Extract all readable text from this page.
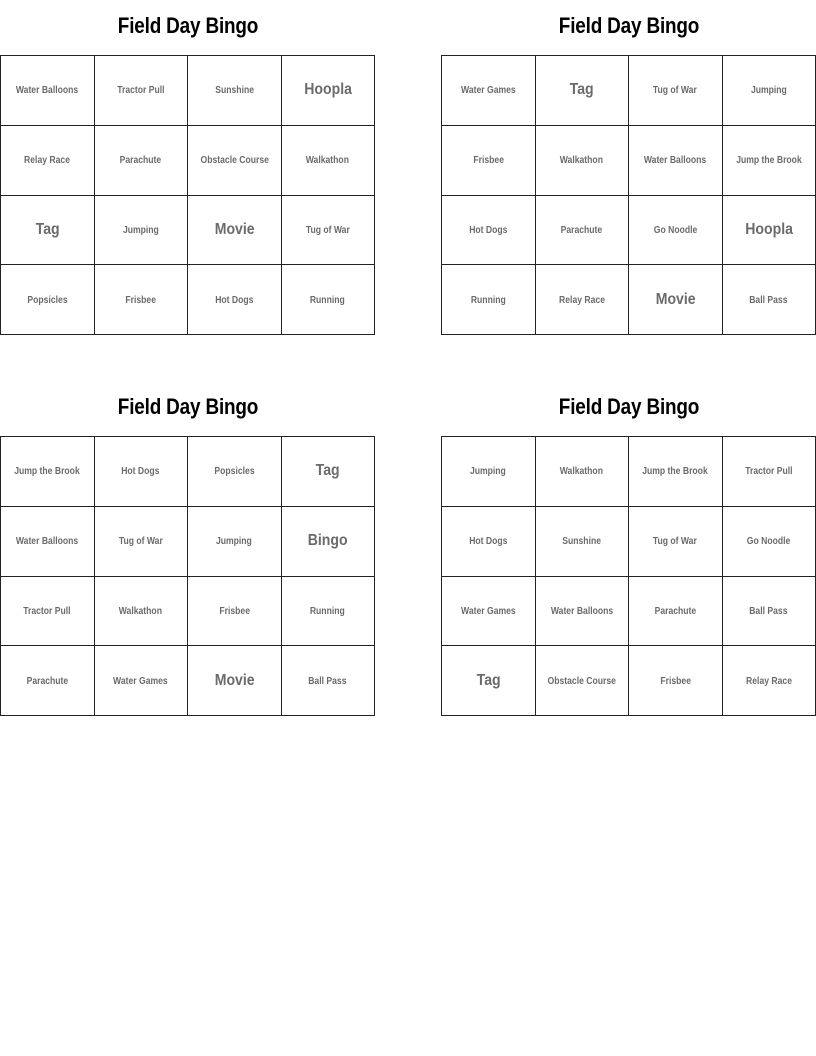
Field Day Bingo
Water Balloons	Tractor Pull	Sunshine	Hoopla
Relay Race	Parachute	Obstacle Course	Walkathon
Tag	Jumping	Movie	Tug of War
Popsicles	Frisbee	Hot Dogs	Running
Field Day Bingo
Water Games	Tag	Tug of War	Jumping
Frisbee	Walkathon	Water Balloons	Jump the Brook
Hot Dogs	Parachute	Go Noodle	Hoopla
Running	Relay Race	Movie	Ball Pass
Field Day Bingo
Jump the Brook	Hot Dogs	Popsicles	Tag
Water Balloons	Tug of War	Jumping	Bingo
Tractor Pull	Walkathon	Frisbee	Running
Parachute	Water Games	Movie	Ball Pass
Field Day Bingo
Jumping	Walkathon	Jump the Brook	Tractor Pull
Hot Dogs	Sunshine	Tug of War	Go Noodle
Water Games	Water Balloons	Parachute	Ball Pass
Tag	Obstacle Course	Frisbee	Relay Race
